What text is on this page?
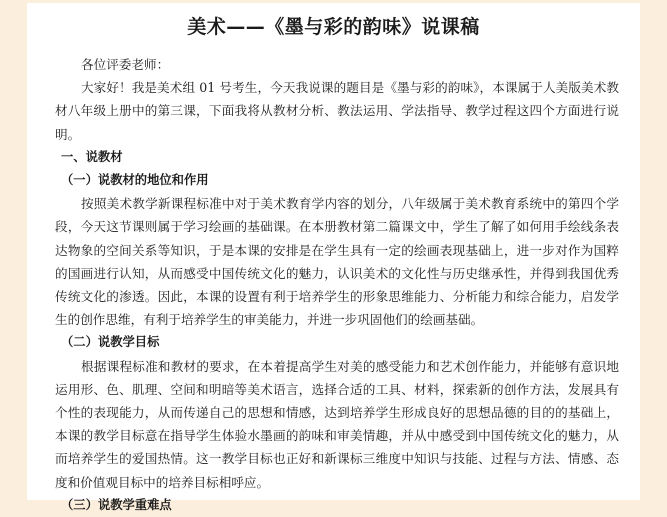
美术——《墨与彩的韵味》说课稿

各位评委老师：

大家好！我是美术组 01 号考生，今天我说课的题目是《墨与彩的韵味》，本课属于人美版美术教材八年级上册中的第三课，下面我将从教材分析、教法运用、学法指导、教学过程这四个方面进行说明。

一、说教材

（一）说教材的地位和作用

按照美术教学新课程标准中对于美术教育学内容的划分，八年级属于美术教育系统中的第四个学段，今天这节课则属于学习绘画的基础课。在本册教材第二篇课文中，学生了解了如何用手绘线条表达物象的空间关系等知识，于是本课的安排是在学生具有一定的绘画表现基础上，进一步对作为国粹的国画进行认知，从而感受中国传统文化的魅力，认识美术的文化性与历史继承性，并得到我国优秀传统文化的渗透。因此，本课的设置有利于培养学生的形象思维能力、分析能力和综合能力，启发学生的创作思维，有利于培养学生的审美能力，并进一步巩固他们的绘画基础。

（二）说教学目标

根据课程标准和教材的要求，在本着提高学生对美的感受能力和艺术创作能力，并能够有意识地运用形、色、肌理、空间和明暗等美术语言，选择合适的工具、材料，探索新的创作方法，发展具有个性的表现能力，从而传递自己的思想和情感，达到培养学生形成良好的思想品德的目的的基础上，本课的教学目标意在指导学生体验水墨画的韵味和审美情趣，并从中感受到中国传统文化的魅力，从而培养学生的爱国热情。这一教学目标也正好和新课标三维度中知识与技能、过程与方法、情感、态度和价值观目标中的培养目标相呼应。

（三）说教学重难点
